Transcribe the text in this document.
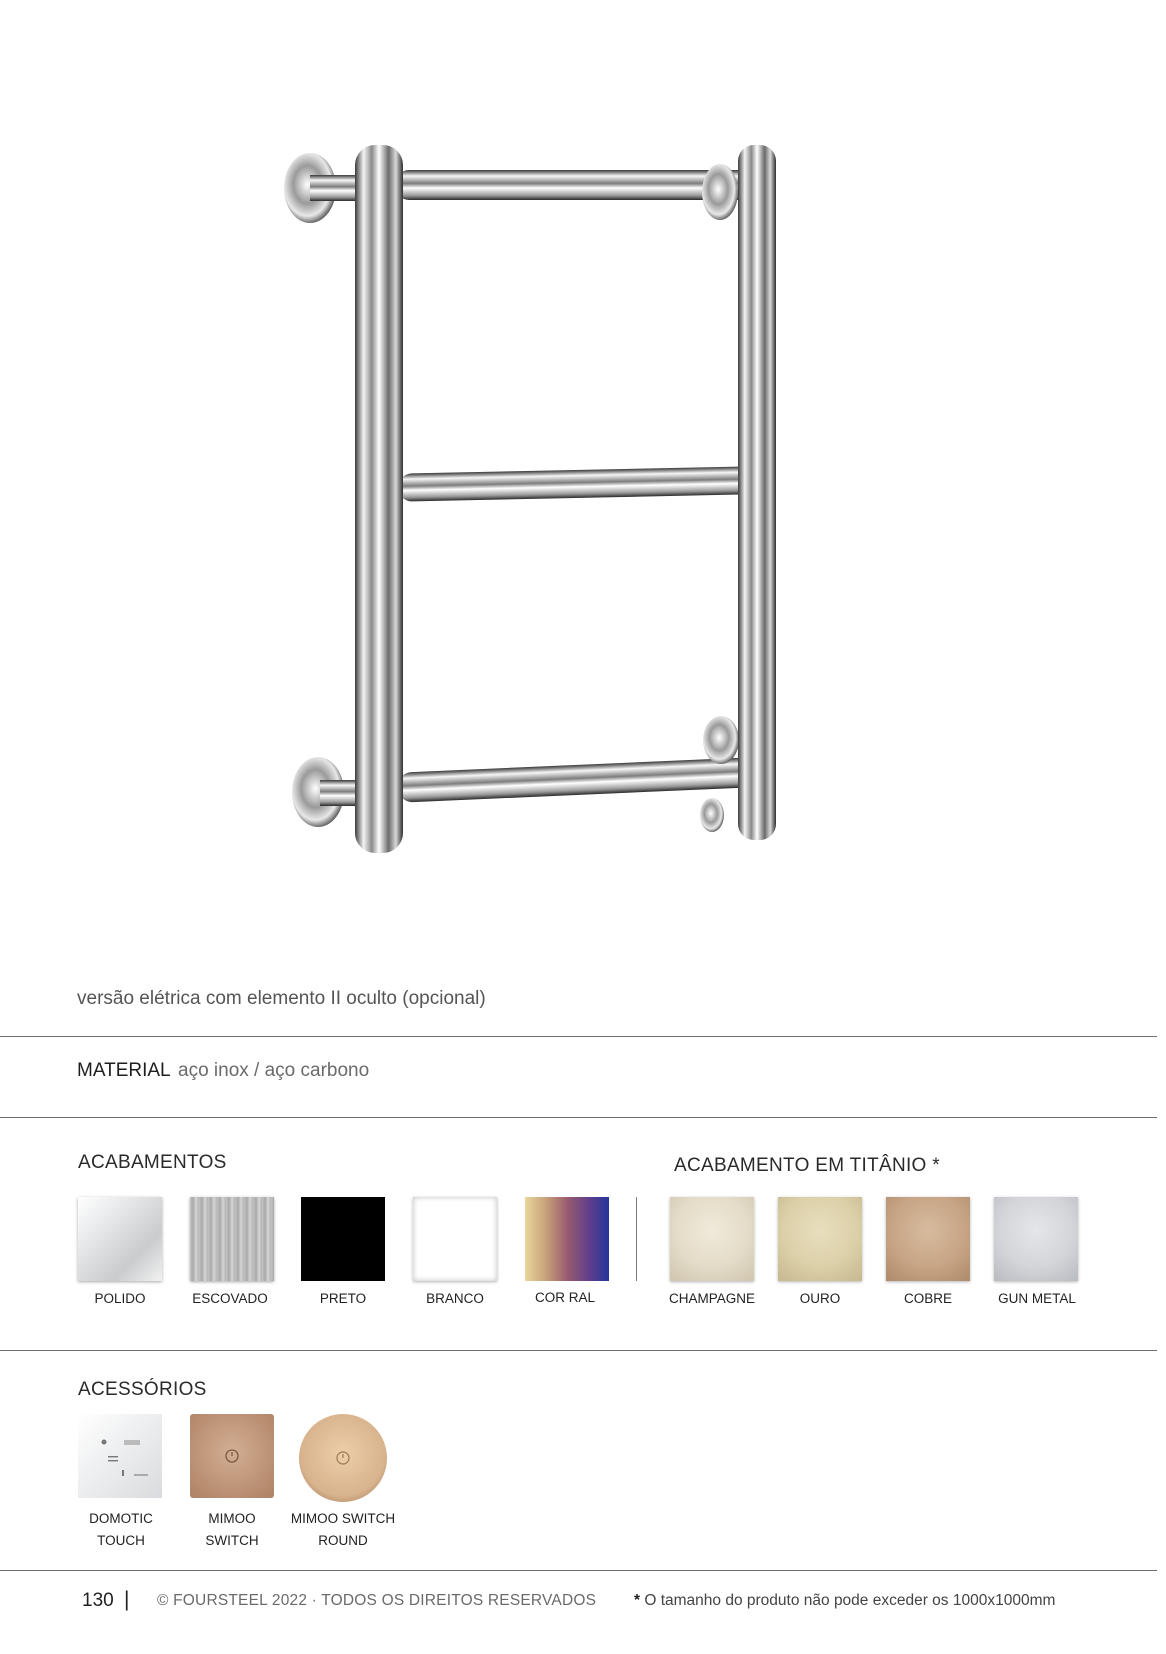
versão elétrica com elemento II oculto (opcional)
MATERIAL aço inox / aço carbono
ACABAMENTOS	ACABAMENTO EM TITÂNIO *
POLIDO	ESCOVADO	PRETO	BRANCO	COR RAL	CHAMPAGNE	OURO	COBRE	GUN METAL
ACESSÓRIOS
DOMOTIC
TOUCH
MIMOO
SWITCH
MIMOO SWITCH
ROUND
130 | © FOURSTEEL 2022 · TODOS OS DIREITOS RESERVADOS * O tamanho do produto não pode exceder os 1000x1000mm
